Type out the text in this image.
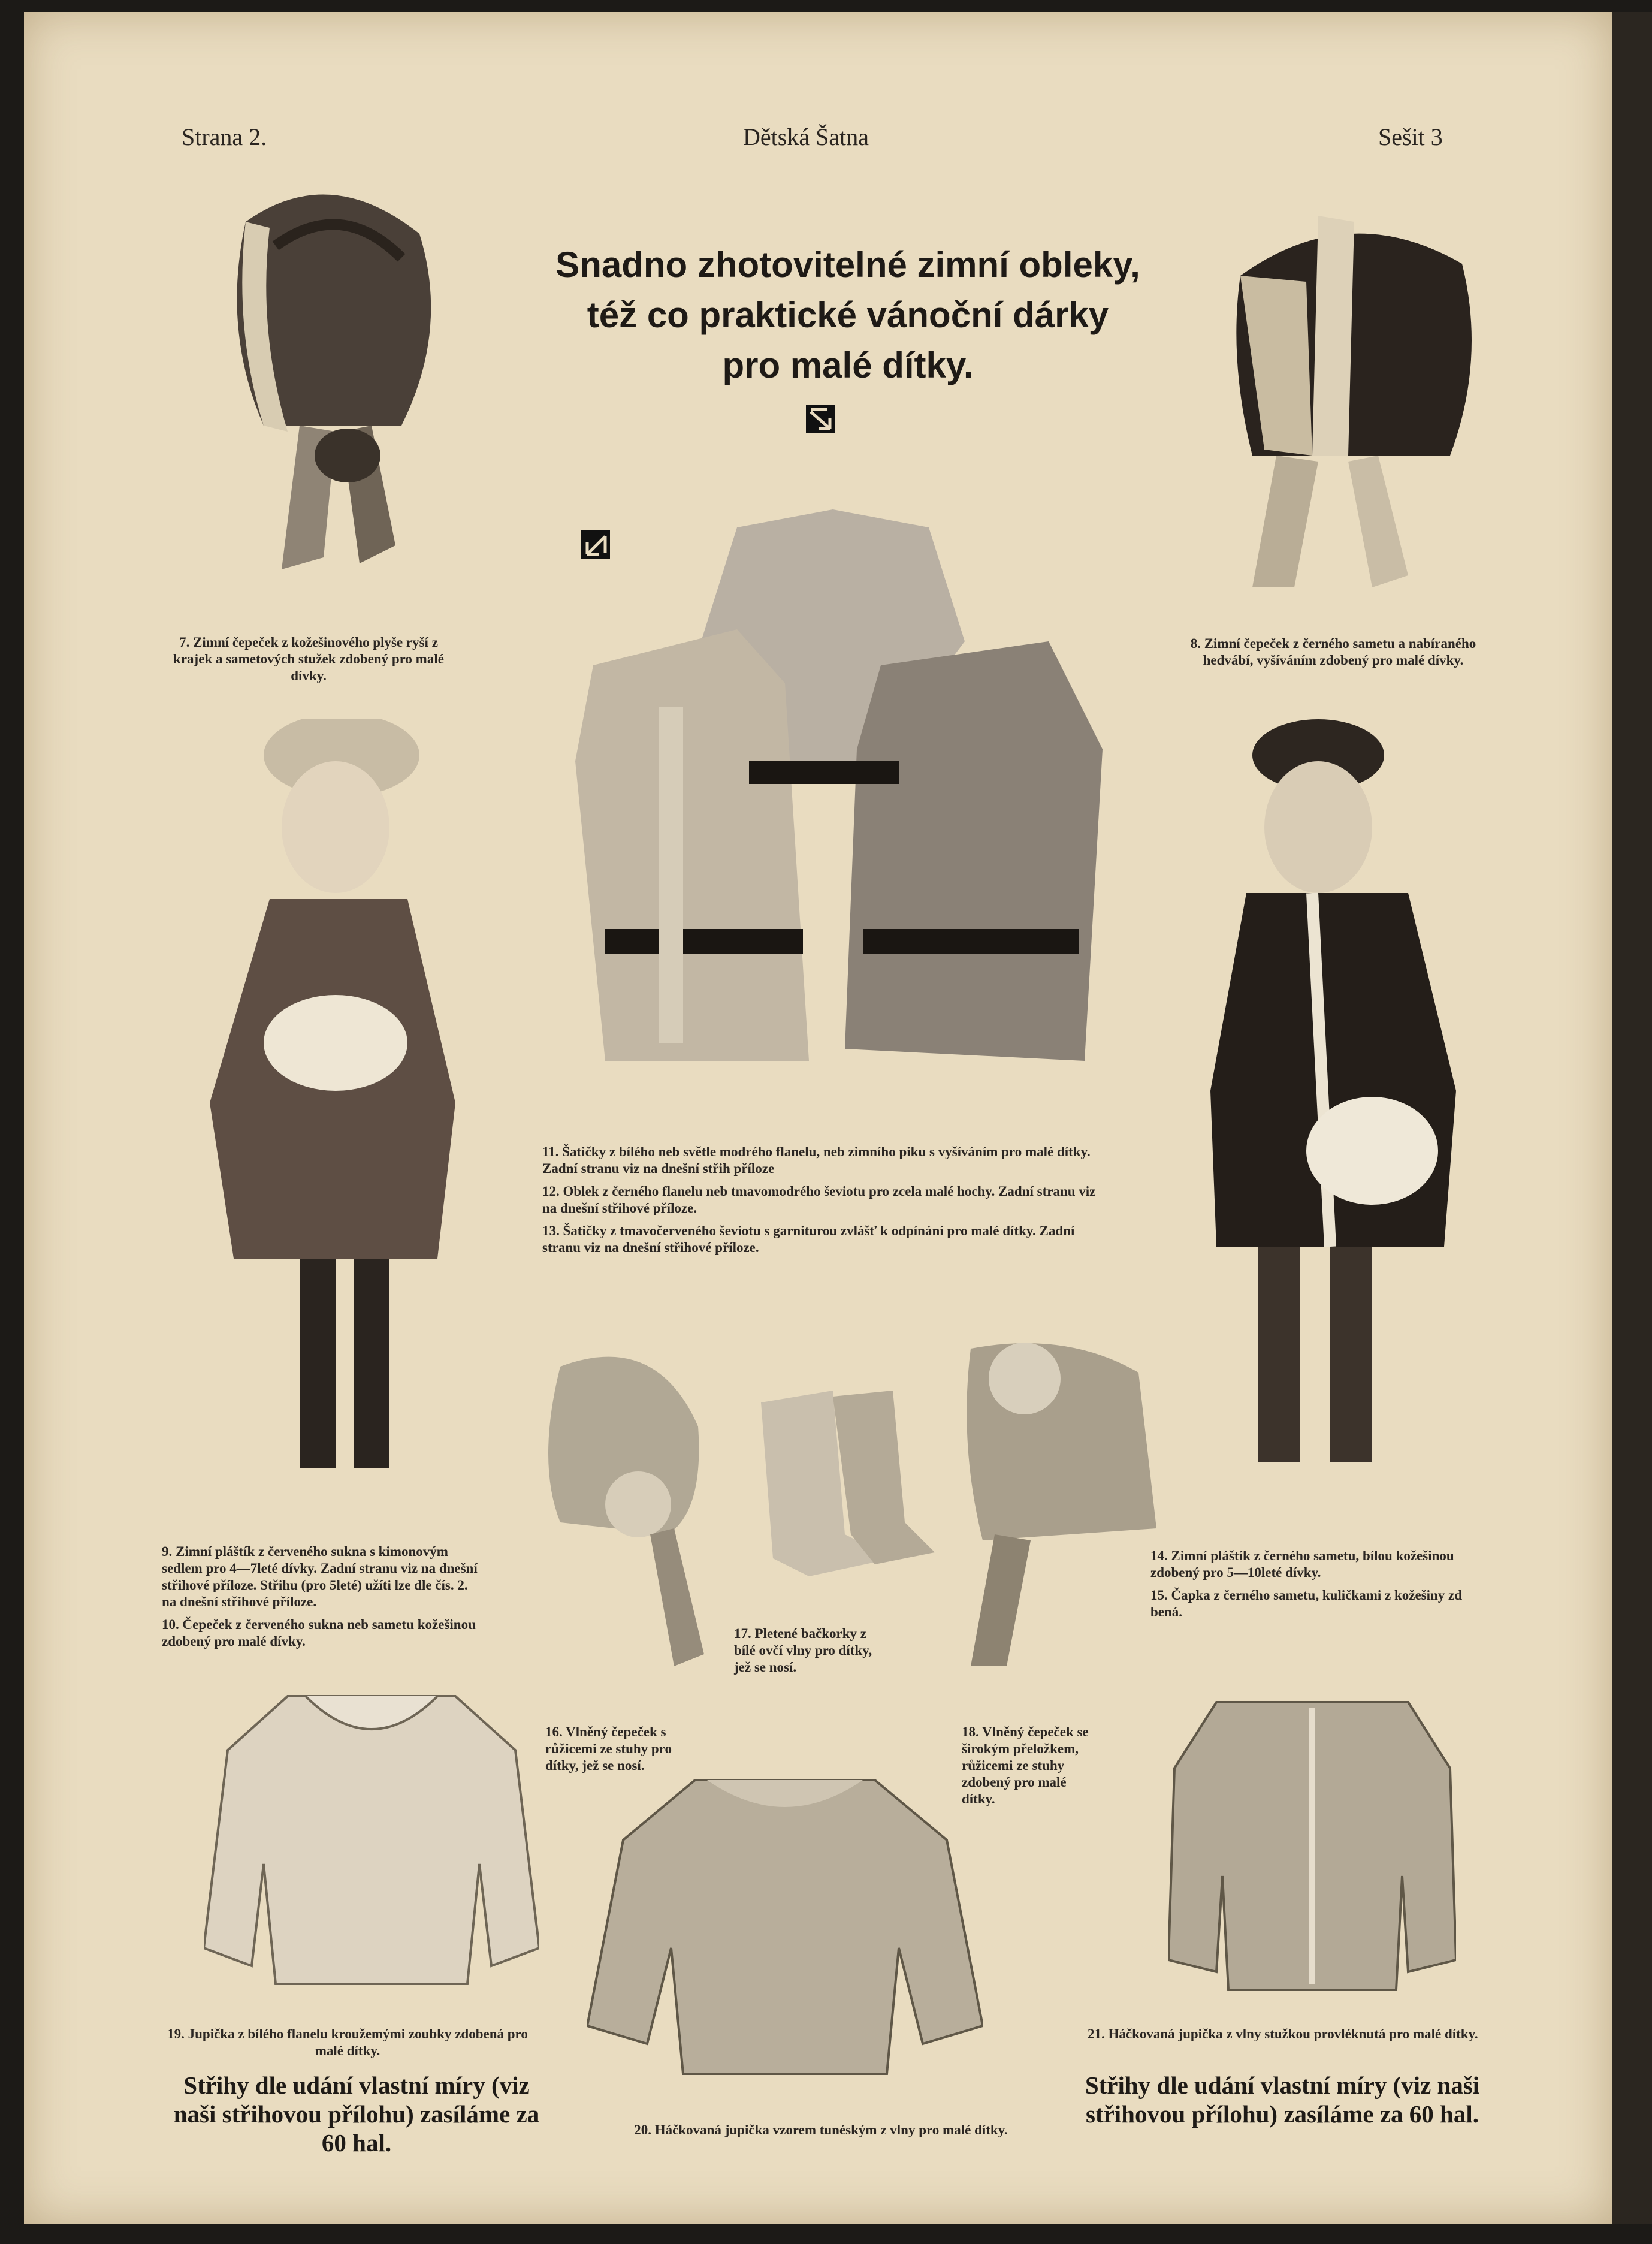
Strana 2.	Dětská Šatna	Sešit 3
Snadno zhotovitelné zimní obleky,
též co praktické vánoční dárky
pro malé dítky.
7. Zimní čepeček z kožešinového plyše ryší z krajek a sametových stužek zdobený pro malé dívky.
8. Zimní čepeček z černého sametu a nabíraného hedvábí, vyšíváním zdobený pro malé dívky.

11. Šatičky z bílého neb světle modrého flanelu, neb zimního piku s vyšíváním pro malé dítky. Zadní stranu viz na dnešní střih příloze

12. Oblek z černého flanelu neb tmavomodrého ševiotu pro zcela malé hochy. Zadní stranu viz na dnešní střihové příloze.

13. Šatičky z tmavočerveného ševiotu s garniturou zvlášť k odpínání pro malé dítky. Zadní stranu viz na dnešní střihové příloze.

9. Zimní pláštík z červeného sukna s kimonovým sedlem pro 4—7leté dívky. Zadní stranu viz na dnešní střihové příloze. Střihu (pro 5leté) užíti lze dle čís. 2. na dnešní střihové příloze.

10. Čepeček z červeného sukna neb sametu kožešinou zdobený pro malé dívky.

14. Zimní pláštík z černého sametu, bílou kožešinou zdobený pro 5—10leté dívky.

15. Čapka z černého sametu, kuličkami z kožešiny zd bená.

17. Pletené bačkorky z bílé ovčí vlny pro dítky, jež se nosí.
16. Vlněný čepeček s růžicemi ze stuhy pro dítky, jež se nosí.
18. Vlněný čepeček se širokým přeložkem, růžicemi ze stuhy zdobený pro malé dítky.
19. Jupička z bílého flanelu kroužemými zoubky zdobená pro malé dítky.
20. Háčkovaná jupička vzorem tunéským z vlny pro malé dítky.
21. Háčkovaná jupička z vlny stužkou provléknutá pro malé dítky.
Střihy dle udání vlastní míry (viz naši střihovou přílohu) zasíláme za 60 hal.
Střihy dle udání vlastní míry (viz naši střihovou přílohu) zasíláme za 60 hal.
